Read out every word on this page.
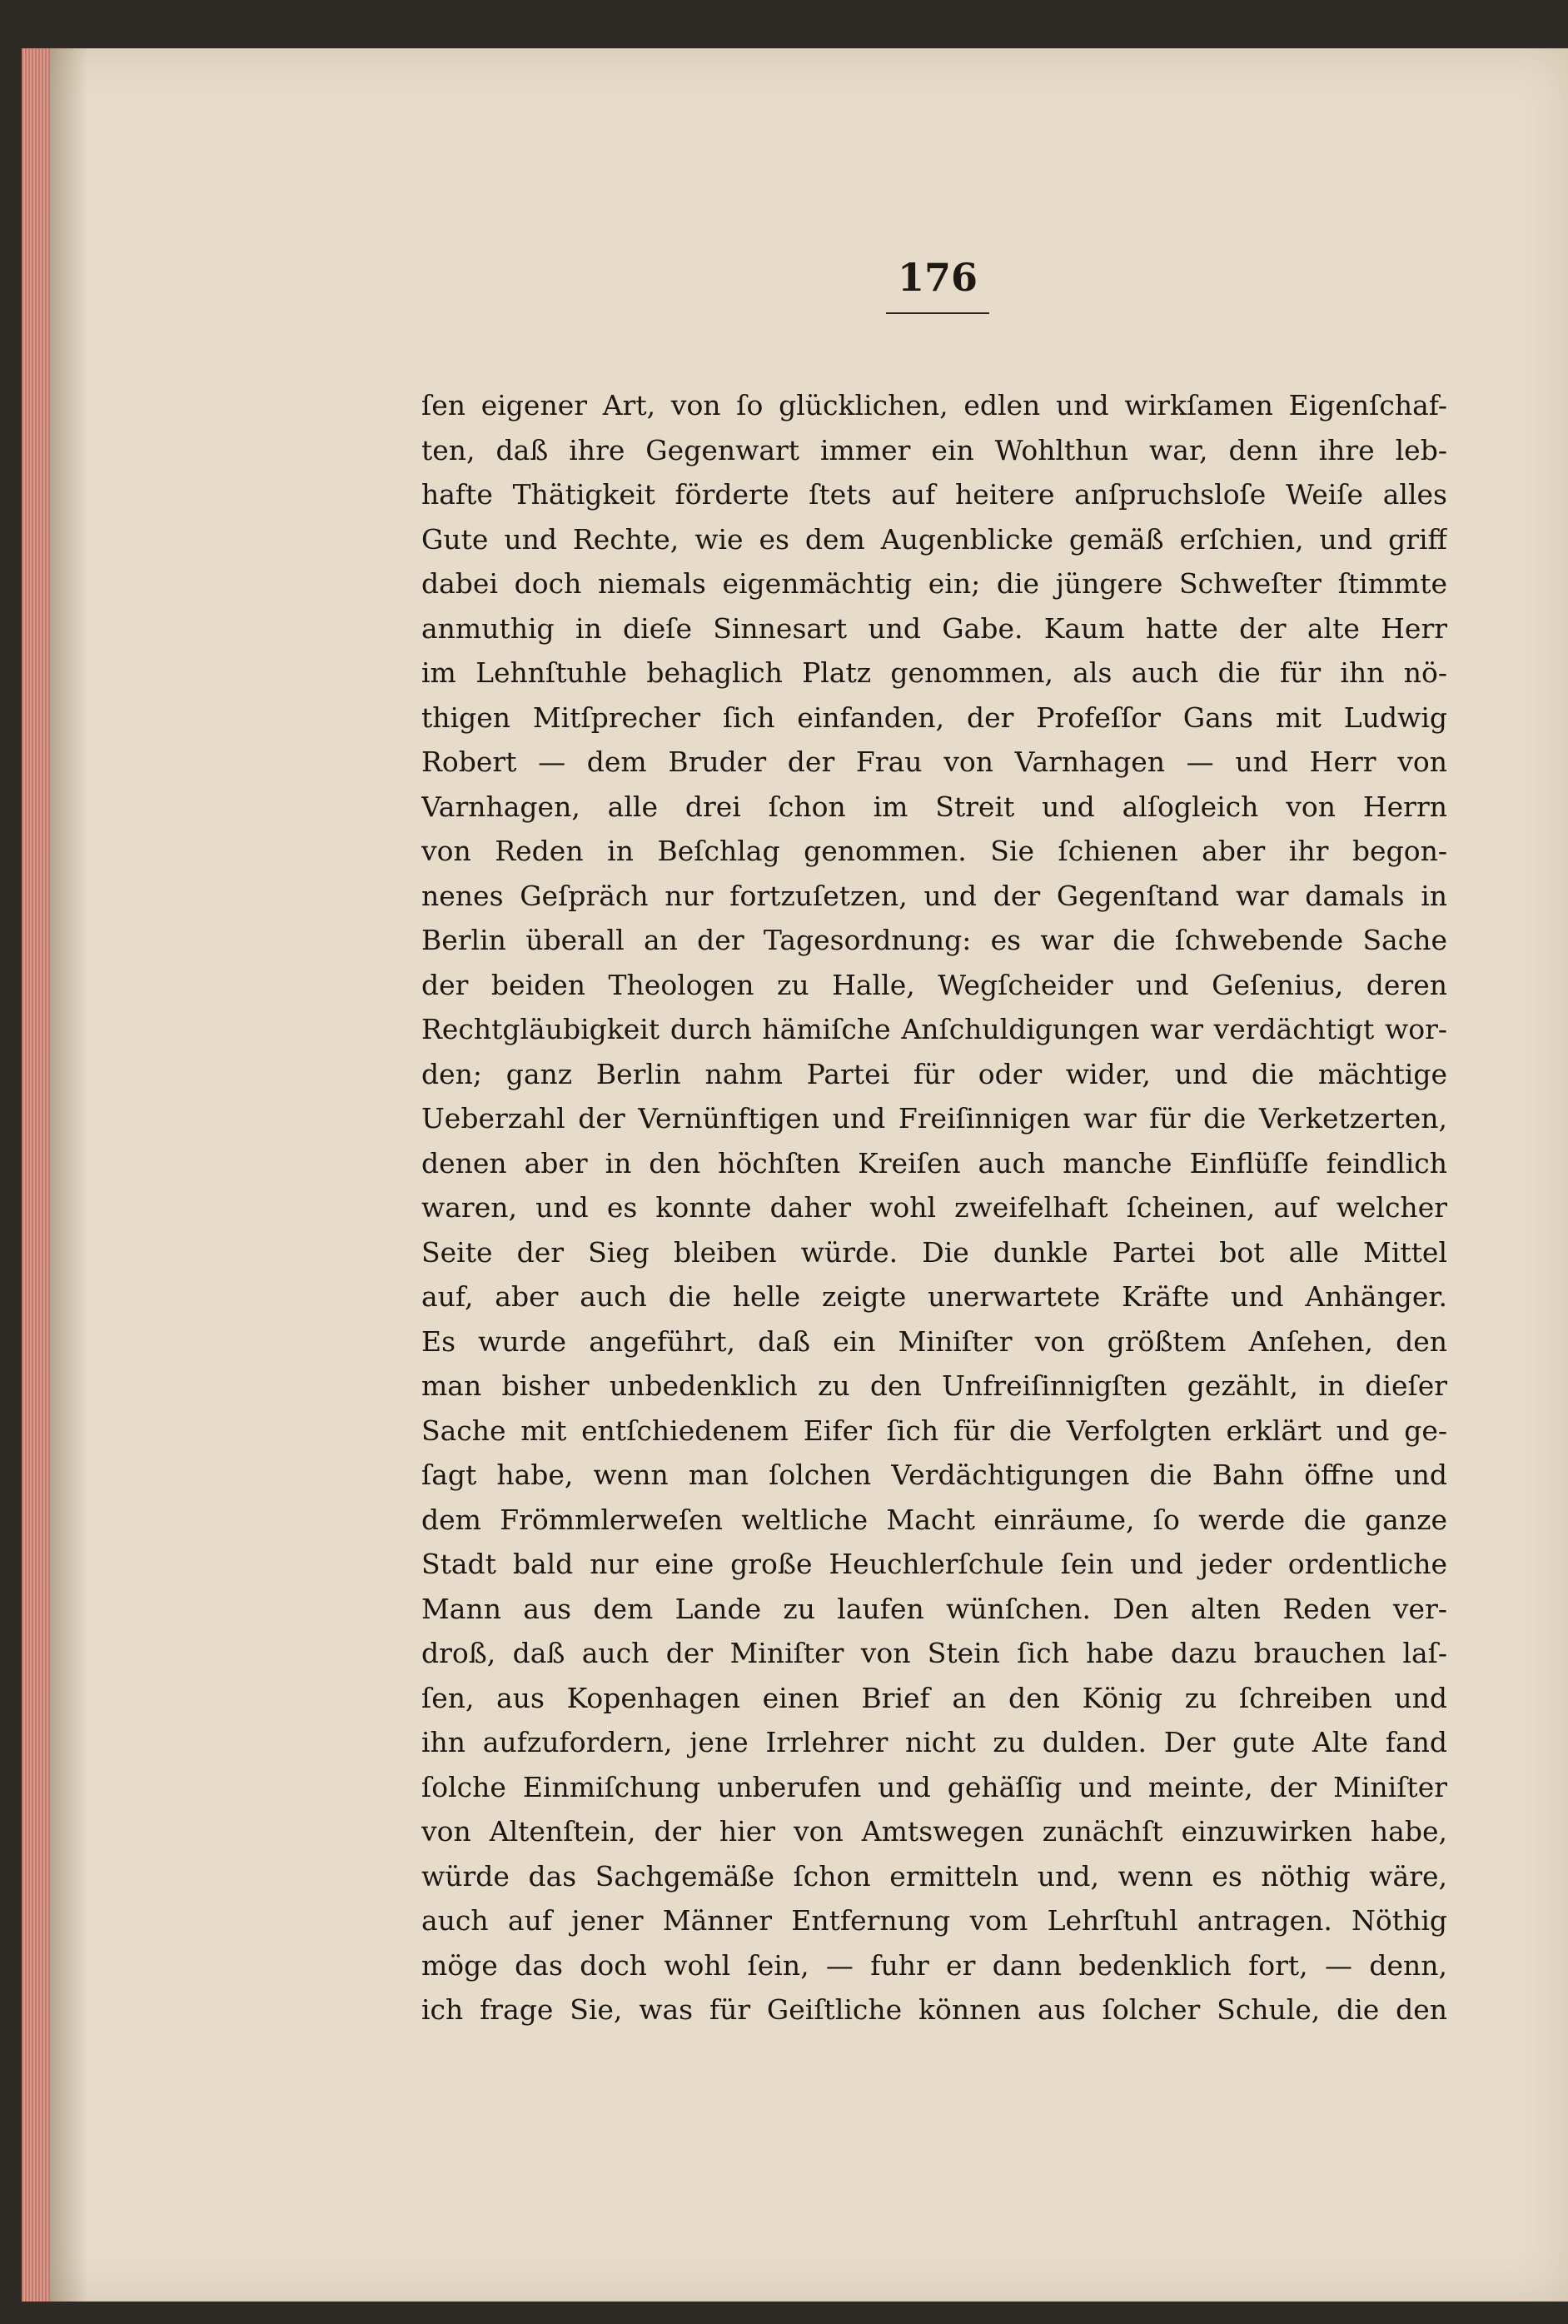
176
ſen eigener Art, von ſo glücklichen, edlen und wirkſamen Eigenſchaf-
ten, daß ihre Gegenwart immer ein Wohlthun war, denn ihre leb-
hafte Thätigkeit förderte ſtets auf heitere anſpruchsloſe Weiſe alles
Gute und Rechte, wie es dem Augenblicke gemäß erſchien, und griff
dabei doch niemals eigenmächtig ein; die jüngere Schweſter ſtimmte
anmuthig in dieſe Sinnesart und Gabe. Kaum hatte der alte Herr
im Lehnſtuhle behaglich Platz genommen, als auch die für ihn nö-
thigen Mitſprecher ſich einfanden, der Profeſſor Gans mit Ludwig
Robert — dem Bruder der Frau von Varnhagen — und Herr von
Varnhagen, alle drei ſchon im Streit und alſogleich von Herrn
von Reden in Beſchlag genommen. Sie ſchienen aber ihr begon-
nenes Geſpräch nur fortzuſetzen, und der Gegenſtand war damals in
Berlin überall an der Tagesordnung: es war die ſchwebende Sache
der beiden Theologen zu Halle, Wegſcheider und Geſenius, deren
Rechtgläubigkeit durch hämiſche Anſchuldigungen war verdächtigt wor-
den; ganz Berlin nahm Partei für oder wider, und die mächtige
Ueberzahl der Vernünftigen und Freiſinnigen war für die Verketzerten,
denen aber in den höchſten Kreiſen auch manche Einflüſſe feindlich
waren, und es konnte daher wohl zweifelhaft ſcheinen, auf welcher
Seite der Sieg bleiben würde. Die dunkle Partei bot alle Mittel
auf, aber auch die helle zeigte unerwartete Kräfte und Anhänger.
Es wurde angeführt, daß ein Miniſter von größtem Anſehen, den
man bisher unbedenklich zu den Unfreiſinnigſten gezählt, in dieſer
Sache mit entſchiedenem Eifer ſich für die Verfolgten erklärt und ge-
ſagt habe, wenn man ſolchen Verdächtigungen die Bahn öffne und
dem Frömmlerweſen weltliche Macht einräume, ſo werde die ganze
Stadt bald nur eine große Heuchlerſchule ſein und jeder ordentliche
Mann aus dem Lande zu laufen wünſchen. Den alten Reden ver-
droß, daß auch der Miniſter von Stein ſich habe dazu brauchen laſ-
ſen, aus Kopenhagen einen Brief an den König zu ſchreiben und
ihn aufzufordern, jene Irrlehrer nicht zu dulden. Der gute Alte fand
ſolche Einmiſchung unberufen und gehäſſig und meinte, der Miniſter
von Altenſtein, der hier von Amtswegen zunächſt einzuwirken habe,
würde das Sachgemäße ſchon ermitteln und, wenn es nöthig wäre,
auch auf jener Männer Entfernung vom Lehrſtuhl antragen. Nöthig
möge das doch wohl ſein, — fuhr er dann bedenklich fort, — denn,
ich frage Sie, was für Geiſtliche können aus ſolcher Schule, die den
